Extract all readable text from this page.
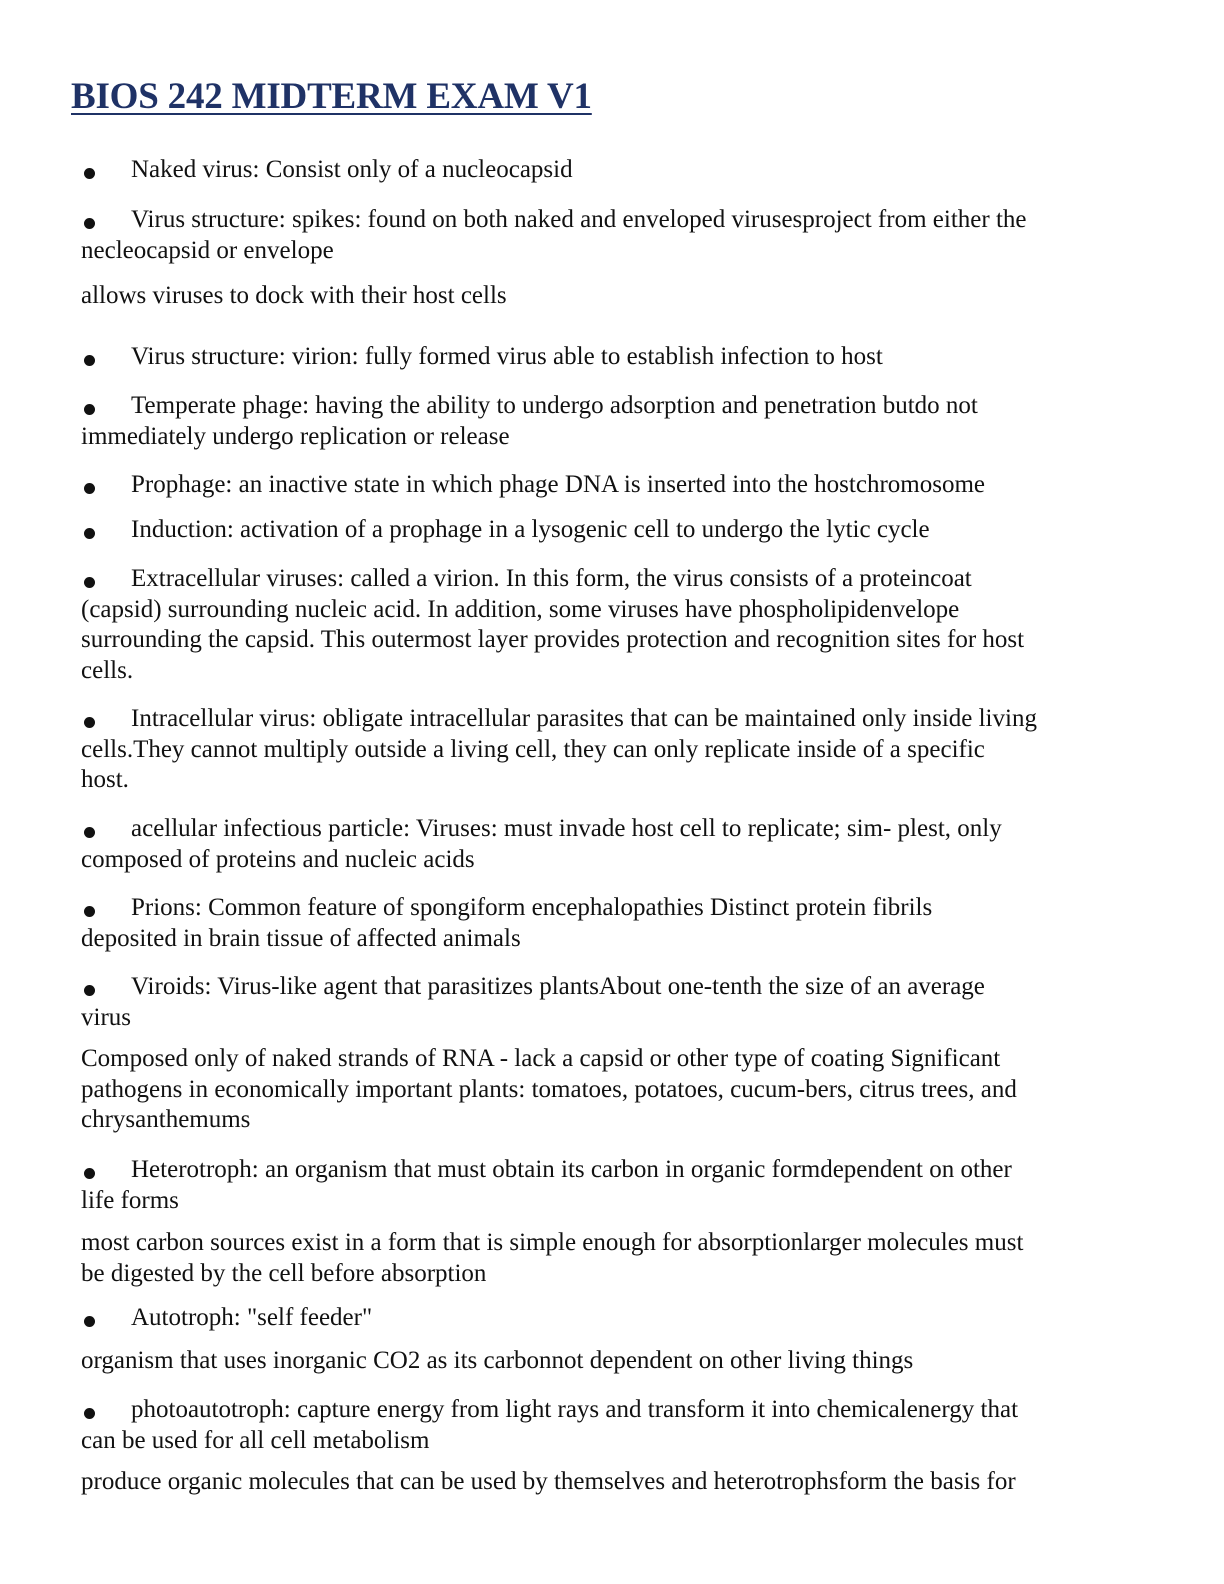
BIOS 242 MIDTERM EXAM V1
Naked virus: Consist only of a nucleocapsid
Virus structure: spikes: found on both naked and enveloped virusesproject from either the
necleocapsid or envelope
allows viruses to dock with their host cells
Virus structure: virion: fully formed virus able to establish infection to host
Temperate phage: having the ability to undergo adsorption and penetration butdo not
immediately undergo replication or release
Prophage: an inactive state in which phage DNA is inserted into the hostchromosome
Induction: activation of a prophage in a lysogenic cell to undergo the lytic cycle
Extracellular viruses: called a virion. In this form, the virus consists of a proteincoat
(capsid) surrounding nucleic acid. In addition, some viruses have phospholipidenvelope
surrounding the capsid. This outermost layer provides protection and recognition sites for host
cells.
Intracellular virus: obligate intracellular parasites that can be maintained only inside living
cells.They cannot multiply outside a living cell, they can only replicate inside of a specific
host.
acellular infectious particle: Viruses: must invade host cell to replicate; sim- plest, only
composed of proteins and nucleic acids
Prions: Common feature of spongiform encephalopathies Distinct protein fibrils
deposited in brain tissue of affected animals
Viroids: Virus-like agent that parasitizes plantsAbout one-tenth the size of an average
virus
Composed only of naked strands of RNA - lack a capsid or other type of coating Significant
pathogens in economically important plants: tomatoes, potatoes, cucum-bers, citrus trees, and
chrysanthemums
Heterotroph: an organism that must obtain its carbon in organic formdependent on other
life forms
most carbon sources exist in a form that is simple enough for absorptionlarger molecules must
be digested by the cell before absorption
Autotroph: "self feeder"
organism that uses inorganic CO2 as its carbonnot dependent on other living things
photoautotroph: capture energy from light rays and transform it into chemicalenergy that
can be used for all cell metabolism
produce organic molecules that can be used by themselves and heterotrophsform the basis for
